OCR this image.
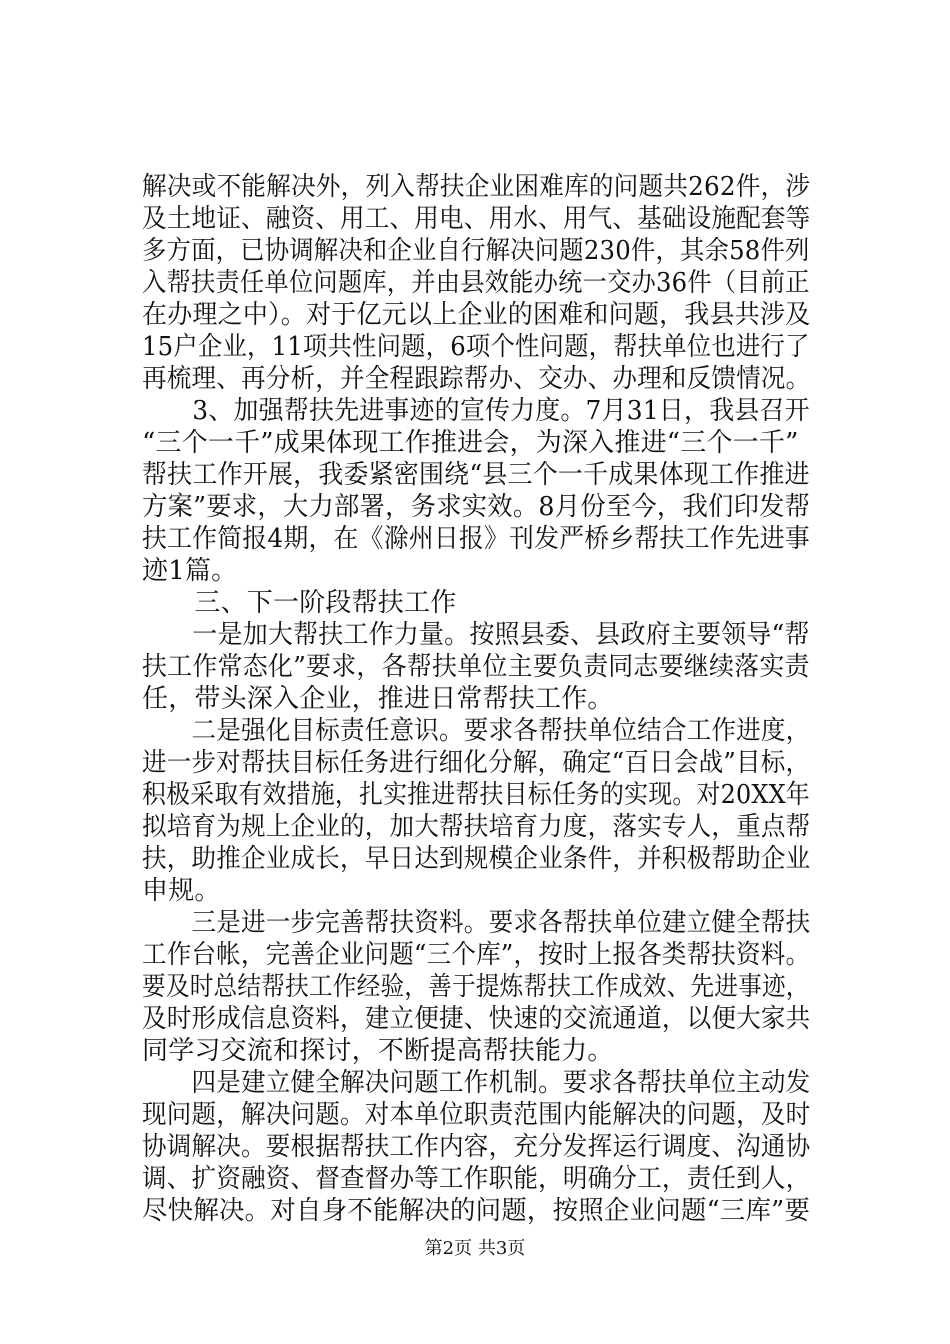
解决或不能解决外，列入帮扶企业困难库的问题共262件，涉
及土地证、融资、用工、用电、用水、用气、基础设施配套等
多方面，已协调解决和企业自行解决问题230件，其余58件列
入帮扶责任单位问题库，并由县效能办统一交办36件（目前正
在办理之中）。对于亿元以上企业的困难和问题，我县共涉及
15户企业，11项共性问题，6项个性问题，帮扶单位也进行了
再梳理、再分析，并全程跟踪帮办、交办、办理和反馈情况。
　　3、加强帮扶先进事迹的宣传力度。7月31日，我县召开
“三个一千”成果体现工作推进会，为深入推进“三个一千”
帮扶工作开展，我委紧密围绕“县三个一千成果体现工作推进
方案”要求，大力部署，务求实效。8月份至今，我们印发帮
扶工作简报4期，在《滁州日报》刊发严桥乡帮扶工作先进事
迹1篇。
　　三、下一阶段帮扶工作
　　一是加大帮扶工作力量。按照县委、县政府主要领导“帮
扶工作常态化”要求，各帮扶单位主要负责同志要继续落实责
任，带头深入企业，推进日常帮扶工作。
　　二是强化目标责任意识。要求各帮扶单位结合工作进度，
进一步对帮扶目标任务进行细化分解，确定“百日会战”目标，
积极采取有效措施，扎实推进帮扶目标任务的实现。对20XX年
拟培育为规上企业的，加大帮扶培育力度，落实专人，重点帮
扶，助推企业成长，早日达到规模企业条件，并积极帮助企业
申规。
　　三是进一步完善帮扶资料。要求各帮扶单位建立健全帮扶
工作台帐，完善企业问题“三个库”，按时上报各类帮扶资料。
要及时总结帮扶工作经验，善于提炼帮扶工作成效、先进事迹，
及时形成信息资料，建立便捷、快速的交流通道，以便大家共
同学习交流和探讨，不断提高帮扶能力。
　　四是建立健全解决问题工作机制。要求各帮扶单位主动发
现问题，解决问题。对本单位职责范围内能解决的问题，及时
协调解决。要根据帮扶工作内容，充分发挥运行调度、沟通协
调、扩资融资、督查督办等工作职能，明确分工，责任到人，
尽快解决。对自身不能解决的问题，按照企业问题“三库”要
第2页 共3页
